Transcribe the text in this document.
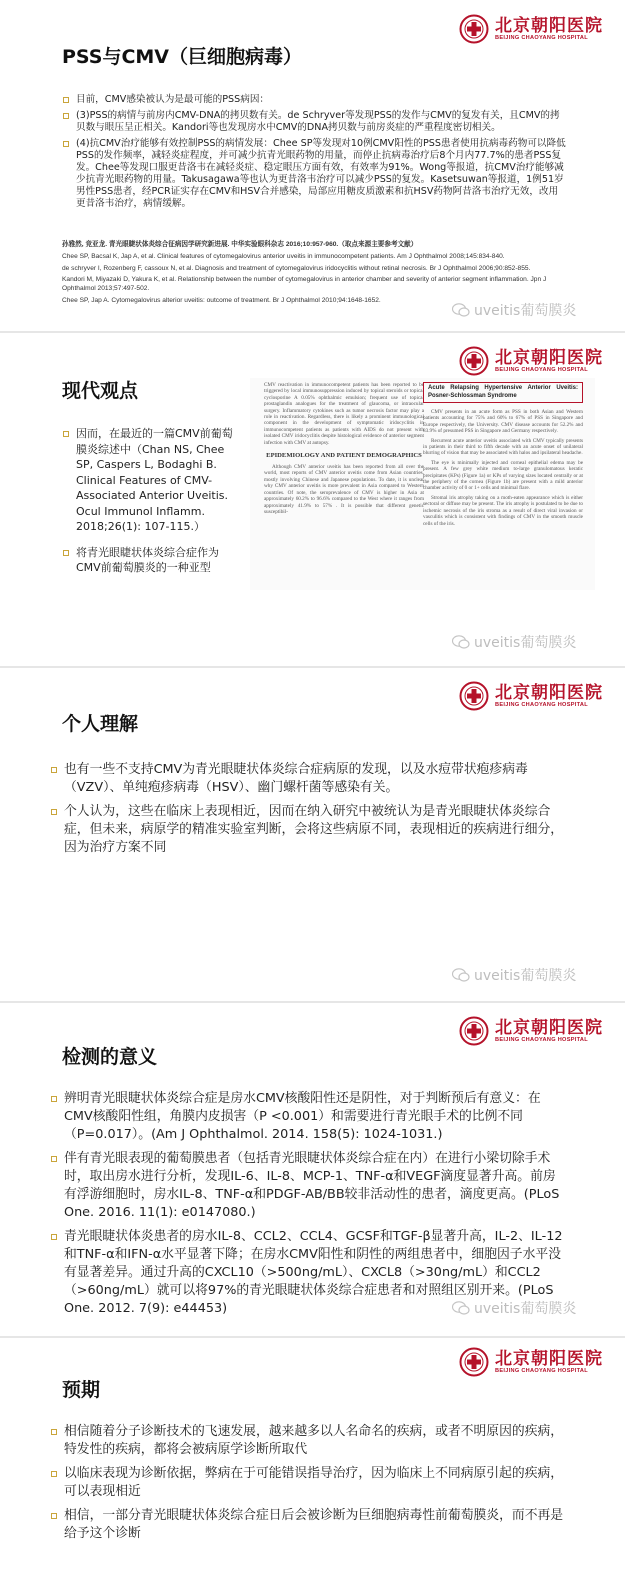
北京朝阳医院
BEIJING CHAOYANG HOSPITAL
PSS与CMV（巨细胞病毒）
目前，CMV感染被认为是最可能的PSS病因：
(3)PSS的病情与前房内CMV-DNA的拷贝数有关。de Schryver等发现PSS的发作与CMV的复发有关，且CMV的拷贝数与眼压呈正相关。Kandori等也发现房水中CMV的DNA拷贝数与前房炎症的严重程度密切相关。
(4)抗CMV治疗能够有效控制PSS的病情发展：Chee SP等发现对10例CMV阳性的PSS患者使用抗病毒药物可以降低PSS的发作频率，减轻炎症程度，并可减少抗青光眼药物的用量，而停止抗病毒治疗后8个月内77.7%的患者PSS复发。Chee等发现口服更昔洛韦在减轻炎症、稳定眼压方面有效，有效率为91%。Wong等报道，抗CMV治疗能够减少抗青光眼药物的用量。Takusagawa等也认为更昔洛韦治疗可以减少PSS的复发。Kasetsuwan等报道，1例51岁男性PSS患者，经PCR证实存在CMV和HSV合并感染，局部应用糖皮质激素和抗HSV药物阿昔洛韦治疗无效，改用更昔洛韦治疗，病情缓解。
孙雅然, 竞亚龙. 青光眼睫状体炎综合征病因学研究新进展. 中华实验眼科杂志 2016;10:957-960.（取点来源主要参考文献）
Chee SP, Bacsal K, Jap A, et al. Clinical features of cytomegalovirus anterior uveitis in immunocompetent patients. Am J Ophthalmol 2008;145:834-840.
de schryver I, Rozenberg F, cassoux N, et al. Diagnosis and treatment of cytomegalovirus iridocyclitis without retinal necrosis. Br J Ophthalmol 2006;90:852-855.
Kandori M, Miyazaki D, Yakura K, et al. Relationship between the number of cytomegalovirus in anterior chamber and severity of anterior segment inflammation. Jpn J Ophthalmol 2013;57:497-502.
Chee SP, Jap A. Cytomegalovirus alterior uveitis: outcome of treatment. Br J Ophthalmol 2010;94:1648-1652.
uveitis葡萄膜炎
北京朝阳医院
BEIJING CHAOYANG HOSPITAL
现代观点
因而，在最近的一篇CMV前葡萄膜炎综述中（Chan NS, Chee SP, Caspers L, Bodaghi B. Clinical Features of CMV-Associated Anterior Uveitis. Ocul Immunol Inflamm. 2018;26(1): 107-115.）
将青光眼睫状体炎综合症作为CMV前葡萄膜炎的一种亚型
uveitis葡萄膜炎

CMV reactivation in immunocompetent patients has been reported to be triggered by local immunosuppression induced by topical steroids or topical cyclosporine A 0.05% ophthalmic emulsion; frequent use of topical prostaglandin analogues for the treatment of glaucoma, or intraocular surgery. Inflammatory cytokines such as tumor necrosis factor may play a role in reactivation. Regardless, there is likely a prominent immunological component in the development of symptomatic iridocyclitis in immunocompetent patients as patients with AIDS do not present with isolated CMV iridocyclitis despite histological evidence of anterior segment infection with CMV at autopsy.

EPIDEMIOLOGY AND PATIENT DEMOGRAPHICS

Although CMV anterior uveitis has been reported from all over the world, most reports of CMV anterior uveitis come from Asian countries, mostly involving Chinese and Japanese populations. To date, it is unclear why CMV anterior uveitis is more prevalent in Asia compared to Western countries. Of note, the seroprevalence of CMV is higher in Asia at approximately 60.2% to 96.6% compared to the West where it ranges from approximately 41.9% to 57% . It is possible that different genetic susceptibil-

Acute Relapsing Hypertensive Anterior Uveitis: Posner-Schlossman Syndrome

CMV presents in an acute form as PSS in both Asian and Western patients accounting for 75% and 60% to 67% of PSS in Singapore and Europe respectively, the University. CMV disease accounts for 52.2% and 83.9% of presumed PSS in Singapore and Germany respectively.

Recurrent acute anterior uveitis associated with CMV typically presents in patients in their third to fifth decade with an acute onset of unilateral blurring of vision that may be associated with halos and ipsilateral headache.

The eye is minimally injected and corneal epithelial edema may be present. A few grey white medium to-large granulomatous keratic precipitates (KPs) (Figure 1a) or KPs of varying sizes located centrally or at the periphery of the cornea (Figure 1b) are present with a mild anterior chamber activity of 0 or 1+ cells and minimal flare.

Stromal iris atrophy taking on a moth-eaten appearance which is either sectoral or diffuse may be present. The iris atrophy is postulated to be due to ischemic necrosis of the iris stroma as a result of direct viral invasion or vasculitis which is consistent with findings of CMV in the smooth muscle cells of the iris.

北京朝阳医院
BEIJING CHAOYANG HOSPITAL
个人理解
也有一些不支持CMV为青光眼睫状体炎综合症病原的发现，以及水痘带状疱疹病毒（VZV）、单纯疱疹病毒（HSV）、幽门螺杆菌等感染有关。
个人认为，这些在临床上表现相近，因而在纳入研究中被统认为是青光眼睫状体炎综合症，但未来，病原学的精准实验室判断，会将这些病原不同，表现相近的疾病进行细分，因为治疗方案不同
uveitis葡萄膜炎
北京朝阳医院
BEIJING CHAOYANG HOSPITAL
检测的意义
辨明青光眼睫状体炎综合症是房水CMV核酸阳性还是阴性，对于判断预后有意义：在CMV核酸阳性组，角膜内皮损害（P <0.001）和需要进行青光眼手术的比例不同（P=0.017）。(Am J Ophthalmol. 2014. 158(5): 1024-1031.)
伴有青光眼表现的葡萄膜患者（包括青光眼睫状体炎综合症在内）在进行小梁切除手术时，取出房水进行分析，发现IL-6、IL-8、MCP-1、TNF-α和VEGF滴度显著升高。前房有浮游细胞时，房水IL-8、TNF-α和PDGF-AB/BB较非活动性的患者，滴度更高。(PLoS One. 2016. 11(1): e0147080.)
青光眼睫状体炎患者的房水IL-8、CCL2、CCL4、GCSF和TGF-β显著升高，IL-2、IL-12和TNF-α和IFN-α水平显著下降；在房水CMV阳性和阴性的两组患者中，细胞因子水平没有显著差异。通过升高的CXCL10（>500ng/mL）、CXCL8（>30ng/mL）和CCL2（>60ng/mL）就可以将97%的青光眼睫状体炎综合症患者和对照组区别开来。(PLoS One. 2012. 7(9): e44453)	uveitis葡萄膜炎
北京朝阳医院
BEIJING CHAOYANG HOSPITAL
预期
相信随着分子诊断技术的飞速发展，越来越多以人名命名的疾病，或者不明原因的疾病，特发性的疾病，都将会被病原学诊断所取代
以临床表现为诊断依据，弊病在于可能错误指导治疗，因为临床上不同病原引起的疾病，可以表现相近
相信，一部分青光眼睫状体炎综合症日后会被诊断为巨细胞病毒性前葡萄膜炎，而不再是给予这个诊断
